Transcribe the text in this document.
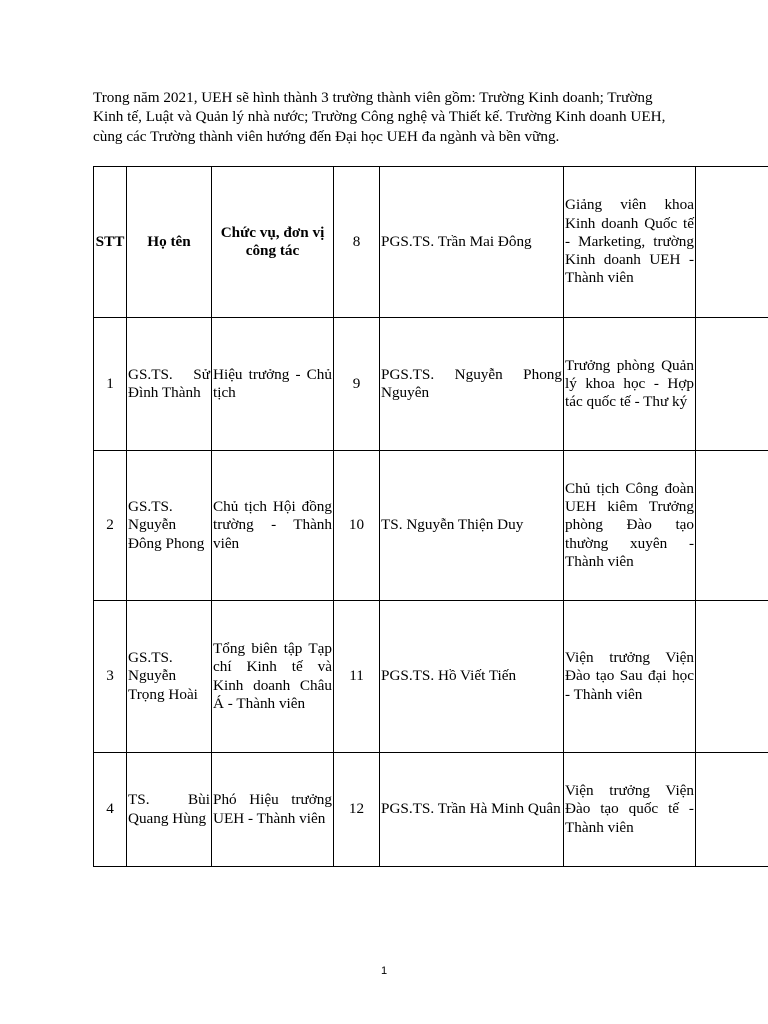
Trong năm 2021, UEH sẽ hình thành 3 trường thành viên gồm: Trường Kinh doanh; Trường Kinh tế, Luật và Quản lý nhà nước; Trường Công nghệ và Thiết kế. Trường Kinh doanh UEH, cùng các Trường thành viên hướng đến Đại học UEH đa ngành và bền vững.

STT	Họ tên	Chức vụ, đơn vị công tác	8	PGS.TS. Trần Mai Đông	Giảng viên khoa Kinh doanh Quốc tế - Marketing, trường Kinh doanh UEH - Thành viên	
1	GS.TS. Sử Đình Thành	Hiệu trưởng - Chủ tịch	9	PGS.TS. Nguyễn Phong Nguyên	Trưởng phòng Quản lý khoa học - Hợp tác quốc tế - Thư ký	
2	GS.TS. Nguyễn Đông Phong	Chủ tịch Hội đồng trường - Thành viên	10	TS. Nguyễn Thiện Duy	Chủ tịch Công đoàn UEH kiêm Trưởng phòng Đào tạo thường xuyên - Thành viên	
3	GS.TS. Nguyễn Trọng Hoài	Tổng biên tập Tạp chí Kinh tế và Kinh doanh Châu Á - Thành viên	11	PGS.TS. Hồ Viết Tiến	Viện trưởng Viện Đào tạo Sau đại học - Thành viên	
4	TS. Bùi Quang Hùng	Phó Hiệu trưởng UEH - Thành viên	12	PGS.TS. Trần Hà Minh Quân	Viện trưởng Viện Đào tạo quốc tế - Thành viên	
1
